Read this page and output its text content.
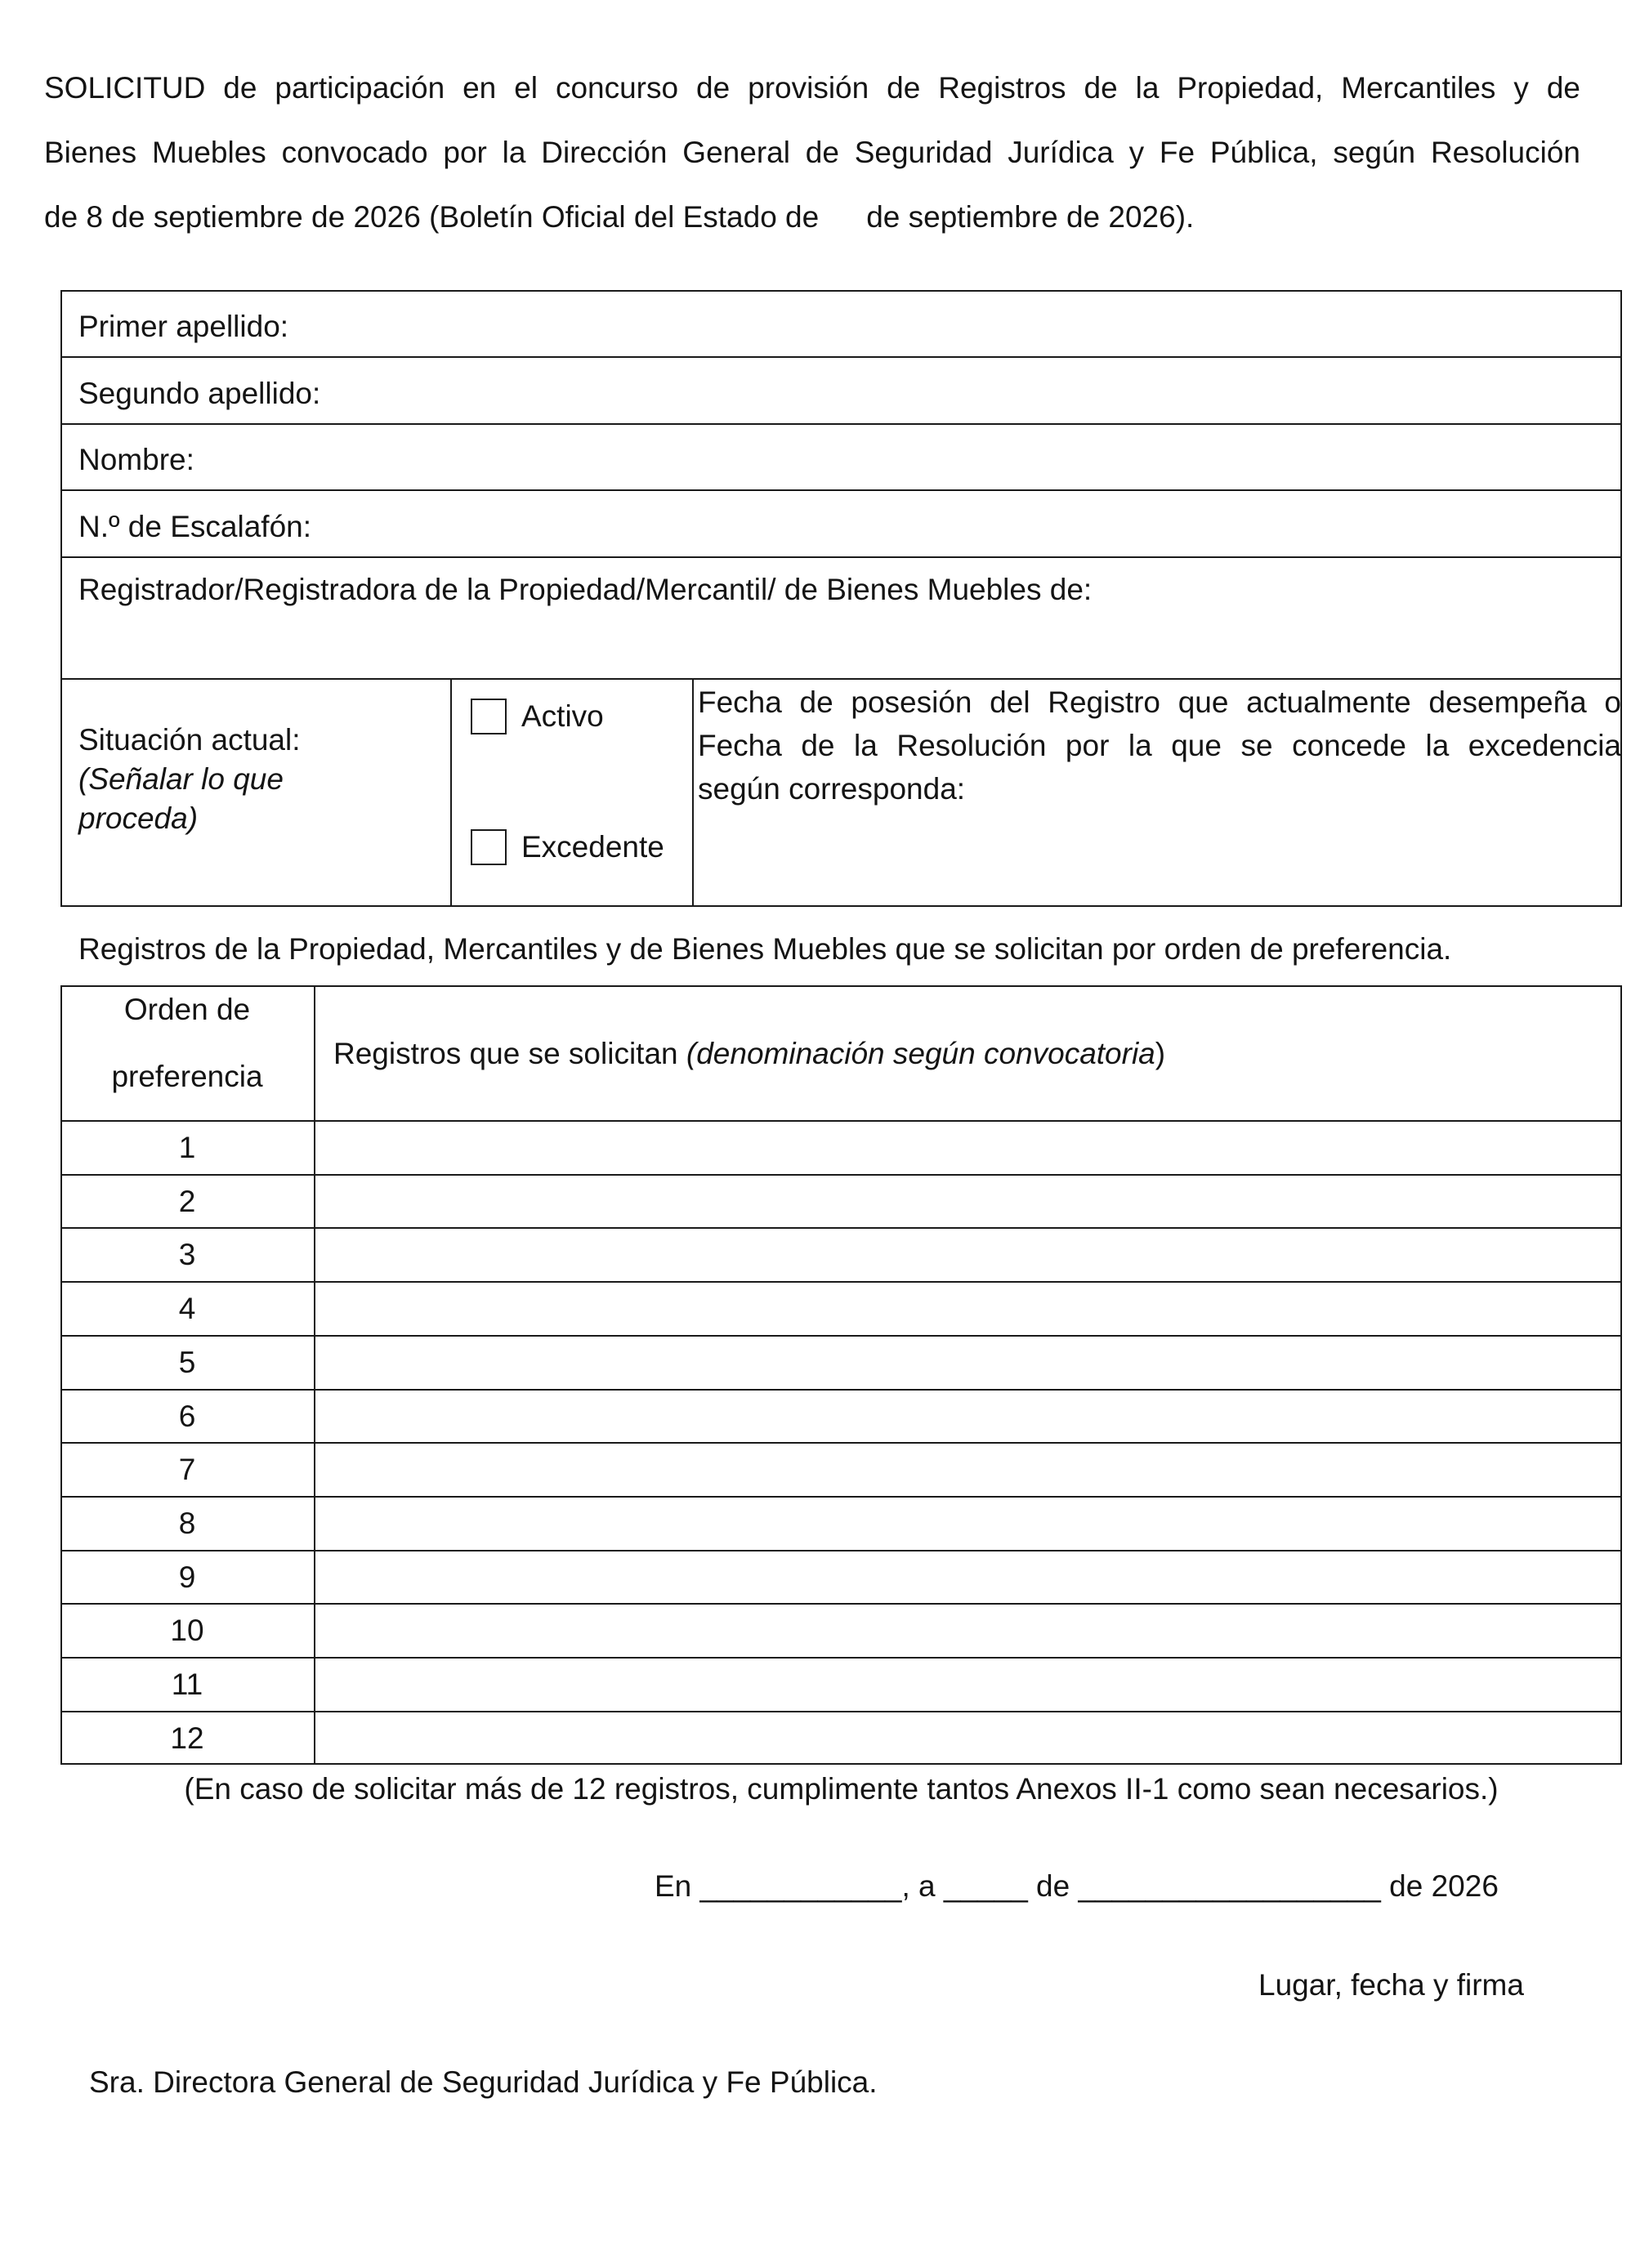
SOLICITUD de participación en el concurso de provisión de Registros de la Propiedad, Mercantiles y de
Bienes Muebles convocado por la Dirección General de Seguridad Jurídica y Fe Pública, según Resolución
de 8 de septiembre de 2026 (Boletín Oficial del Estado de de septiembre de 2026).
Primer apellido:
Segundo apellido:
Nombre:
N.º de Escalafón:
Registrador/Registradora de la Propiedad/Mercantil/ de Bienes Muebles de:
Situación actual:
(Señalar lo que
proceda)
Activo
Excedente
Fecha de posesión del Registro que actualmente desempeña o
Fecha de la Resolución por la que se concede la excedencia
según corresponda:
Registros de la Propiedad, Mercantiles y de Bienes Muebles que se solicitan por orden de preferencia.
Orden de
preferencia
Registros que se solicitan (denominación según convocatoria)
1
2
3
4
5
6
7
8
9
10
11
12
(En caso de solicitar más de 12 registros, cumplimente tantos Anexos II-1 como sean necesarios.)
En ____________, a _____ de __________________ de 2026
Lugar, fecha y firma
Sra. Directora General de Seguridad Jurídica y Fe Pública.
